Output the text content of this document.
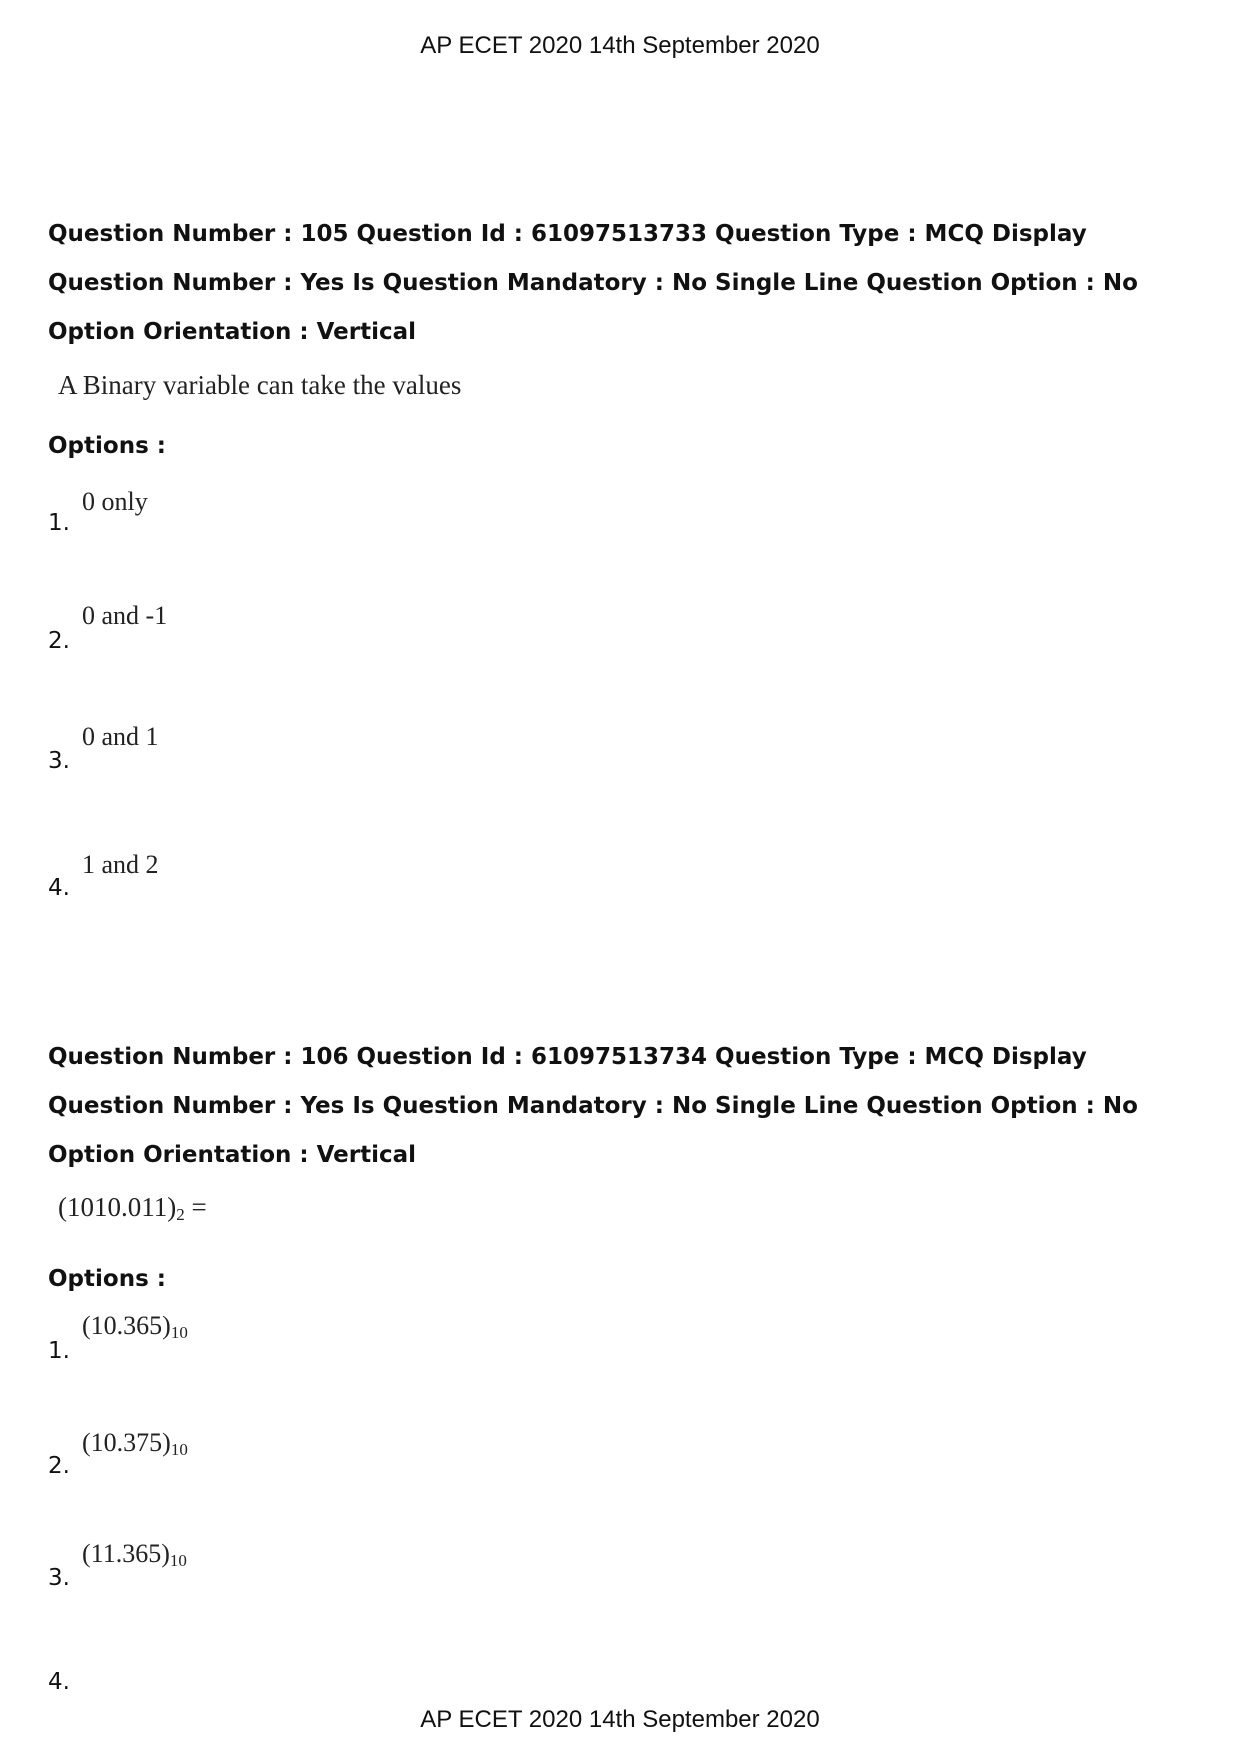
AP ECET 2020 14th September 2020
Question Number : 105 Question Id : 61097513733 Question Type : MCQ Display Question Number : Yes Is Question Mandatory : No Single Line Question Option : No Option Orientation : Vertical
A Binary variable can take the values
Options :
1.
0 only
2.
0 and -1
3.
0 and 1
4.
1 and 2
Question Number : 106 Question Id : 61097513734 Question Type : MCQ Display Question Number : Yes Is Question Mandatory : No Single Line Question Option : No Option Orientation : Vertical
$(1010.011)_2$ =
Options :
1.
$(10.365)_{10}$
2.
$(10.375)_{10}$
3.
$(11.365)_{10}$
4.
AP ECET 2020 14th September 2020
